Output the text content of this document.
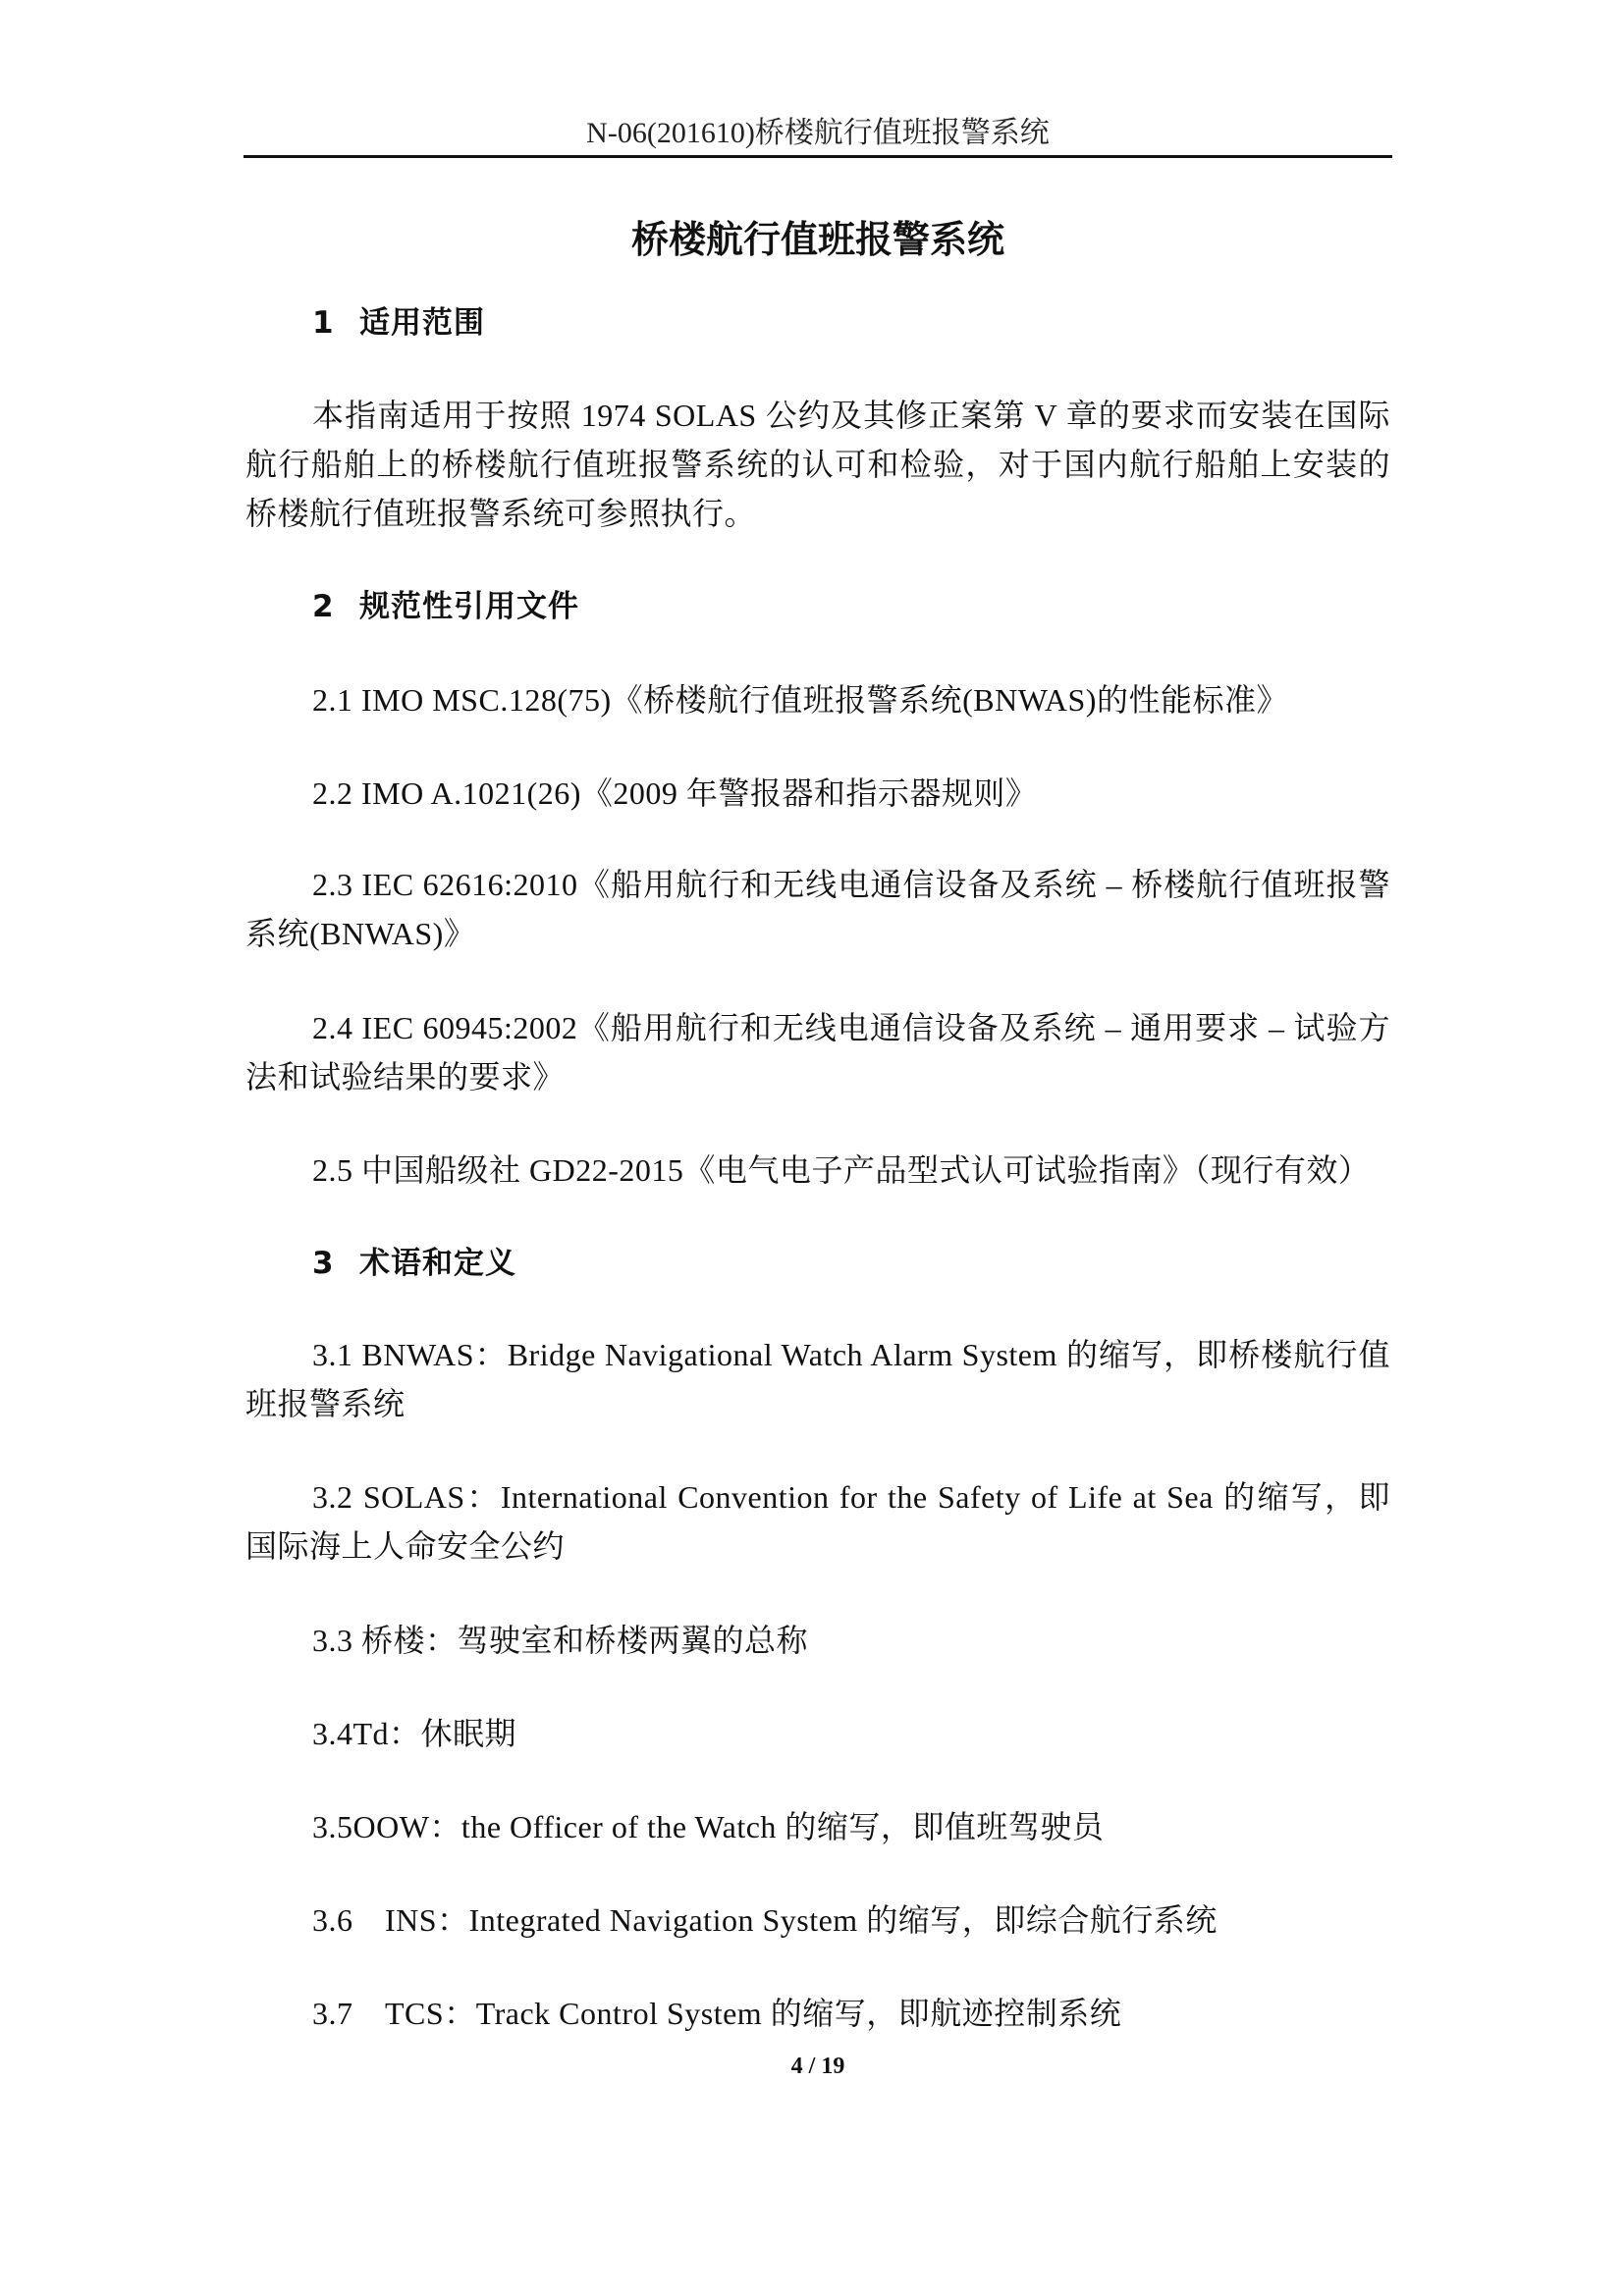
N-06(201610)桥楼航行值班报警系统
桥楼航行值班报警系统
1 适用范围
本指南适用于按照 1974 SOLAS 公约及其修正案第 V 章的要求而安装在国际航行船舶上的桥楼航行值班报警系统的认可和检验，对于国内航行船舶上安装的桥楼航行值班报警系统可参照执行。
2 规范性引用文件
2.1 IMO MSC.128(75)《桥楼航行值班报警系统(BNWAS)的性能标准》
2.2 IMO A.1021(26)《2009 年警报器和指示器规则》
2.3 IEC 62616:2010《船用航行和无线电通信设备及系统 – 桥楼航行值班报警系统(BNWAS)》
2.4 IEC 60945:2002《船用航行和无线电通信设备及系统 – 通用要求 – 试验方法和试验结果的要求》
2.5 中国船级社 GD22-2015《电气电子产品型式认可试验指南》（现行有效）
3 术语和定义
3.1 BNWAS：Bridge Navigational Watch Alarm System 的缩写，即桥楼航行值班报警系统
3.2 SOLAS：International Convention for the Safety of Life at Sea 的缩写，即国际海上人命安全公约
3.3 桥楼：驾驶室和桥楼两翼的总称
3.4Td：休眠期
3.5OOW：the Officer of the Watch 的缩写，即值班驾驶员
3.6　INS：Integrated Navigation System 的缩写，即综合航行系统
3.7　TCS：Track Control System 的缩写，即航迹控制系统
4 / 19
